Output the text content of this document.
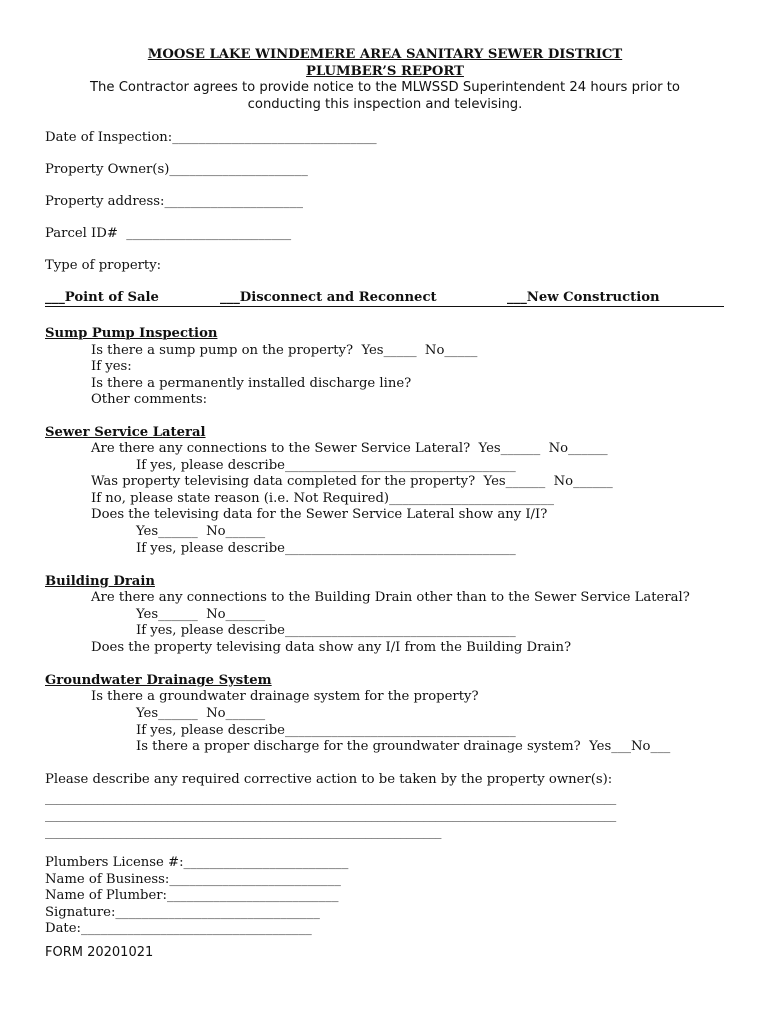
MOOSE LAKE WINDEMERE AREA SANITARY SEWER DISTRICT
PLUMBER’S REPORT
The Contractor agrees to provide notice to the MLWSSD Superintendent 24 hours prior to
conducting this inspection and televising.
Date of Inspection:_______________________________
Property Owner(s)_____________________
Property address:_____________________
Parcel ID#  _________________________
Type of property:
___Point of Sale	___Disconnect and Reconnect	___New Construction
Sump Pump Inspection
Is there a sump pump on the property?  Yes_____  No_____
If yes:
Is there a permanently installed discharge line?
Other comments:
Sewer Service Lateral
Are there any connections to the Sewer Service Lateral?  Yes______  No______
If yes, please describe___________________________________
Was property televising data completed for the property?  Yes______  No______
If no, please state reason (i.e. Not Required)_________________________
Does the televising data for the Sewer Service Lateral show any I/I?
Yes______  No______
If yes, please describe___________________________________
Building Drain
Are there any connections to the Building Drain other than to the Sewer Service Lateral?
Yes______  No______
If yes, please describe___________________________________
Does the property televising data show any I/I from the Building Drain?
Groundwater Drainage System
Is there a groundwater drainage system for the property?
Yes______  No______
If yes, please describe___________________________________
Is there a proper discharge for the groundwater drainage system?  Yes___No___
Please describe any required corrective action to be taken by the property owner(s):
__________________________________________________________________________________________________
__________________________________________________________________________________________________
____________________________________________________________________
Plumbers License #:_________________________
Name of Business:__________________________
Name of Plumber:__________________________
Signature:_______________________________
Date:___________________________________
FORM 20201021
